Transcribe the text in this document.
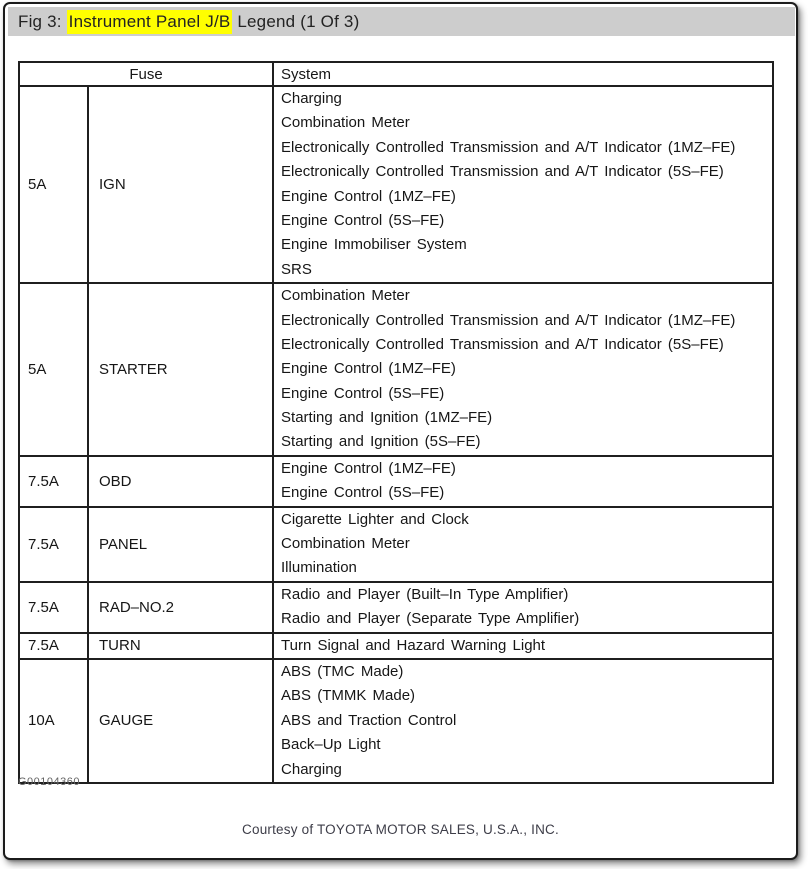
Fig 3: Instrument Panel J/B Legend (1 Of 3)
Fuse		System
5A	IGN	
Charging
Combination Meter
Electronically Controlled Transmission and A/T Indicator (1MZ–FE)
Electronically Controlled Transmission and A/T Indicator (5S–FE)
Engine Control (1MZ–FE)
Engine Control (5S–FE)
Engine Immobiliser System
SRS

5A	STARTER	
Combination Meter
Electronically Controlled Transmission and A/T Indicator (1MZ–FE)
Electronically Controlled Transmission and A/T Indicator (5S–FE)
Engine Control (1MZ–FE)
Engine Control (5S–FE)
Starting and Ignition (1MZ–FE)
Starting and Ignition (5S–FE)

7.5A	OBD	Engine Control (1MZ–FE)
Engine Control (5S–FE)

7.5A	PANEL	Cigarette Lighter and Clock
Combination Meter
Illumination

7.5A	RAD–NO.2	Radio and Player (Built–In Type Amplifier)
Radio and Player (Separate Type Amplifier)

7.5A	TURN	Turn Signal and Hazard Warning Light

10A	GAUGE	ABS (TMC Made)
ABS (TMMK Made)
ABS and Traction Control
Back–Up Light
Charging
G00104360
Courtesy of TOYOTA MOTOR SALES, U.S.A., INC.
